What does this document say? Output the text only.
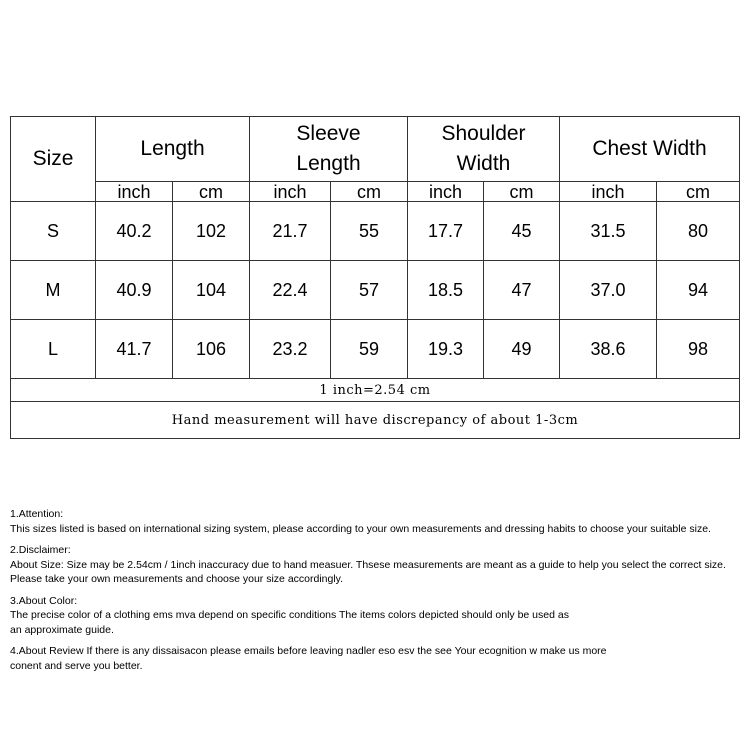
Size	Length		Sleeve Length		Shoulder Width		Chest Width	
	inch	cm	inch	cm	inch	cm	inch	cm
S	40.2	102	21.7	55	17.7	45	31.5	80
M	40.9	104	22.4	57	18.5	47	37.0	94
L	41.7	106	23.2	59	19.3	49	38.6	98
1 inch=2.54 cm								
Hand measurement will have discrepancy of about 1-3cm								

1.Attention:

This sizes listed is based on international sizing system, please according to your own measurements and dressing habits to choose your suitable size.

2.Disclaimer:

About Size: Size may be 2.54cm / 1inch inaccuracy due to hand measuer. Thsese measurements are meant as a guide to help you select the correct size.

Please take your own measurements and choose your size accordingly.

3.About Color:

The precise color of a clothing ems mva depend on specific conditions The items colors depicted should only be used as

an approximate guide.

4.About Review If there is any dissaisacon please emails before leaving nadler eso esv the see Your ecognition w make us more

conent and serve you better.
